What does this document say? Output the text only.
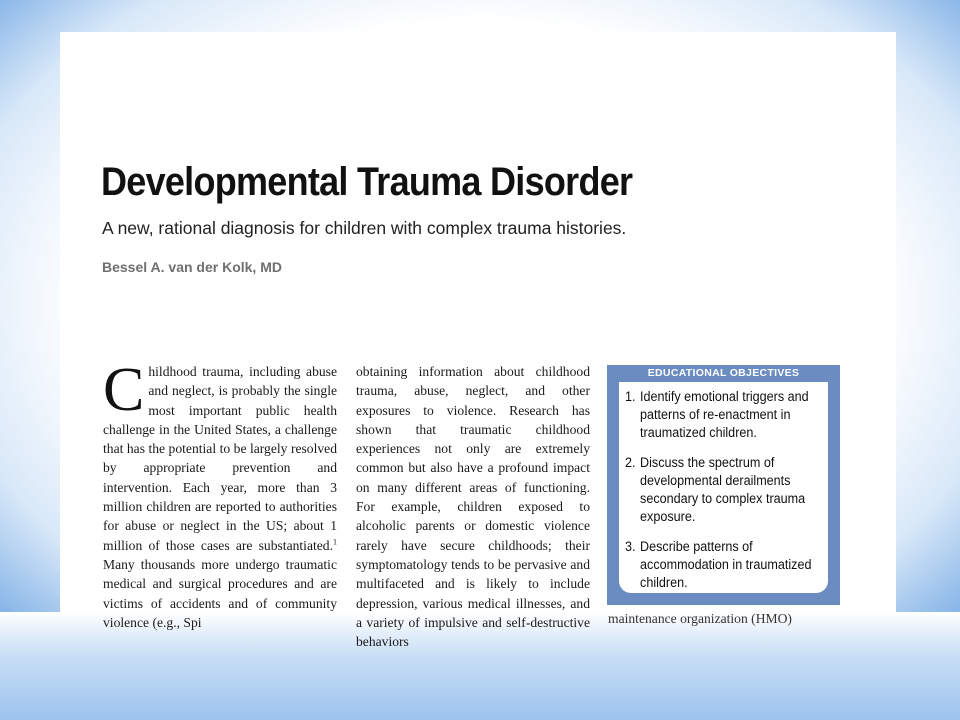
Developmental Trauma Disorder

A new, rational diagnosis for children with complex trauma histories.

Bessel A. van der Kolk, MD

Childhood trauma, including abuse and neglect, is probably the single most important public health challenge in the United States, a challenge that has the potential to be largely resolved by appropriate prevention and intervention. Each year, more than 3 million children are reported to authorities for abuse or neglect in the US; about 1 million of those cases are substantiated.$^1$ Many thousands more undergo traumatic medical and surgical procedures and are victims of accidents and of community violence (e.g., Spi
obtaining information about childhood trauma, abuse, neglect, and other exposures to violence. Research has shown that traumatic childhood experiences not only are extremely common but also have a profound impact on many different areas of functioning. For example, children exposed to alcoholic parents or domestic violence rarely have secure childhoods; their symptomatology tends to be pervasive and multifaceted and is likely to include depression, various medical illnesses, and a variety of impulsive and self-destructive behaviors
EDUCATIONAL OBJECTIVES
1. Identify emotional triggers and patterns of re-enactment in traumatized children.
2. Discuss the spectrum of developmental derailments secondary to complex trauma exposure.
3. Describe patterns of accommodation in traumatized children.
